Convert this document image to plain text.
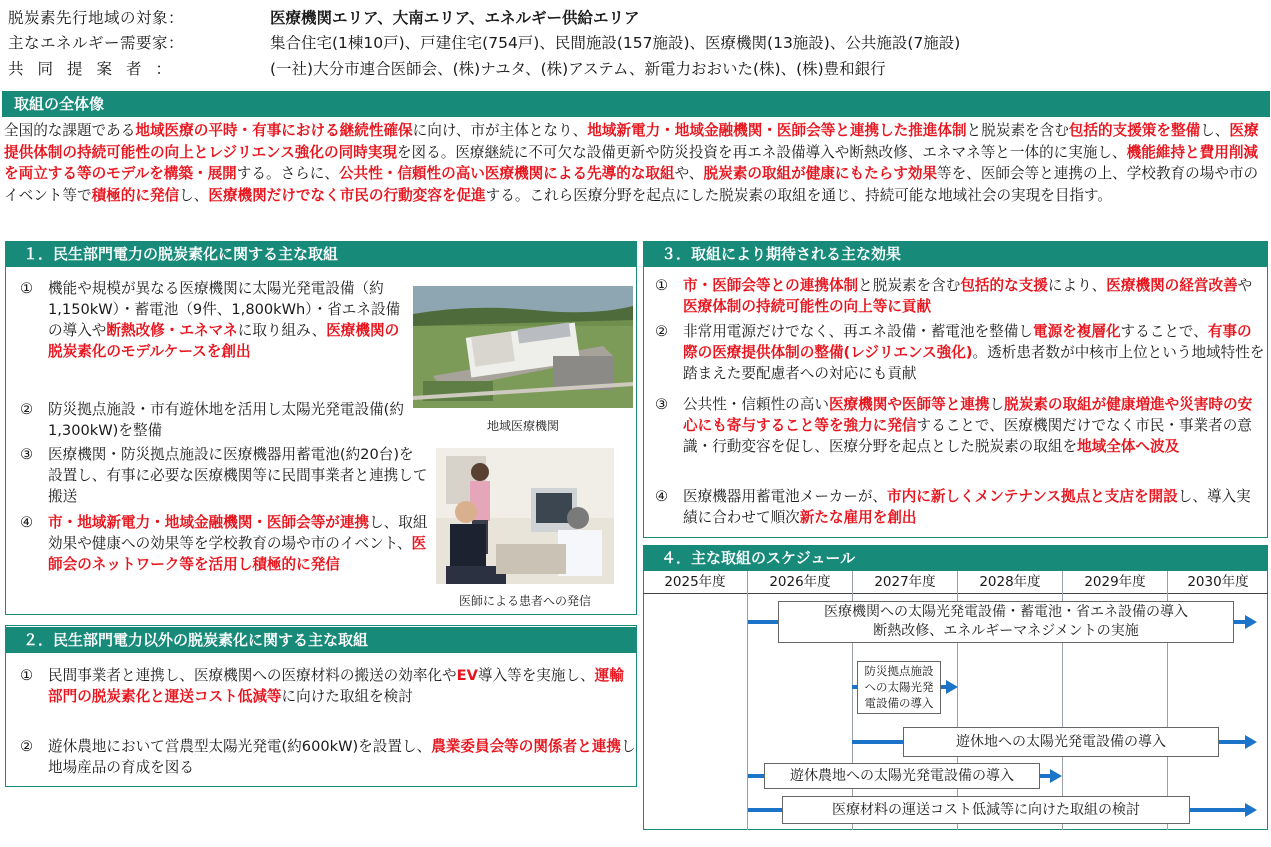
脱炭素先行地域の対象：	医療機関エリア、大南エリア、エネルギー供給エリア
主なエネルギー需要家：	集合住宅(1棟10戸)、戸建住宅(754戸)、民間施設(157施設)、医療機関(13施設)、公共施設(7施設)
共同提案者：	(一社)大分市連合医師会、(株)ナユタ、(株)アステム、新電力おおいた(株)、(株)豊和銀行
取組の全体像
全国的な課題である地域医療の平時・有事における継続性確保に向け、市が主体となり、地域新電力・地域金融機関・医師会等と連携した推進体制と脱炭素を含む包括的支援策を整備し、医療提供体制の持続可能性の向上とレジリエンス強化の同時実現を図る。医療継続に不可欠な設備更新や防災投資を再エネ設備導入や断熱改修、エネマネ等と一体的に実施し、機能維持と費用削減を両立する等のモデルを構築・展開する。さらに、公共性・信頼性の高い医療機関による先導的な取組や、脱炭素の取組が健康にもたらす効果等を、医師会等と連携の上、学校教育の場や市のイベント等で積極的に発信し、医療機関だけでなく市民の行動変容を促進する。これら医療分野を起点にした脱炭素の取組を通じ、持続可能な地域社会の実現を目指す。
１．民生部門電力の脱炭素化に関する主な取組
① 機能や規模が異なる医療機関に太陽光発電設備（約1,150kW）・蓄電池（9件、1,800kWh）・省エネ設備の導入や断熱改修・エネマネに取り組み、医療機関の脱炭素化のモデルケースを創出
② 防災拠点施設・市有遊休地を活用し太陽光発電設備(約1,300kW)を整備
③ 医療機関・防災拠点施設に医療機器用蓄電池(約20台)を設置し、有事に必要な医療機関等に民間事業者と連携して搬送
④ 市・地域新電力・地域金融機関・医師会等が連携し、取組効果や健康への効果等を学校教育の場や市のイベント、医師会のネットワーク等を活用し積極的に発信
地域医療機関
医師による患者への発信
２．民生部門電力以外の脱炭素化に関する主な取組
① 民間事業者と連携し、医療機関への医療材料の搬送の効率化やEV導入等を実施し、運輸部門の脱炭素化と運送コスト低減等に向けた取組を検討
② 遊休農地において営農型太陽光発電(約600kW)を設置し、農業委員会等の関係者と連携し地場産品の育成を図る
３．取組により期待される主な効果
① 市・医師会等との連携体制と脱炭素を含む包括的な支援により、医療機関の経営改善や医療体制の持続可能性の向上等に貢献
② 非常用電源だけでなく、再エネ設備・蓄電池を整備し電源を複層化することで、有事の際の医療提供体制の整備(レジリエンス強化)。透析患者数が中核市上位という地域特性を踏まえた要配慮者への対応にも貢献
③ 公共性・信頼性の高い医療機関や医師等と連携し脱炭素の取組が健康増進や災害時の安心にも寄与すること等を強力に発信することで、医療機関だけでなく市民・事業者の意識・行動変容を促し、医療分野を起点とした脱炭素の取組を地域全体へ波及
④ 医療機器用蓄電池メーカーが、市内に新しくメンテナンス拠点と支店を開設し、導入実績に合わせて順次新たな雇用を創出
４．主な取組のスケジュール
2025年度	2026年度	2027年度	2028年度	2029年度	2030年度
医療機関への太陽光発電設備・蓄電池・省エネ設備の導入
断熱改修、エネルギーマネジメントの実施
防災拠点施設
への太陽光発
電設備の導入
遊休地への太陽光発電設備の導入
遊休農地への太陽光発電設備の導入
医療材料の運送コスト低減等に向けた取組の検討
